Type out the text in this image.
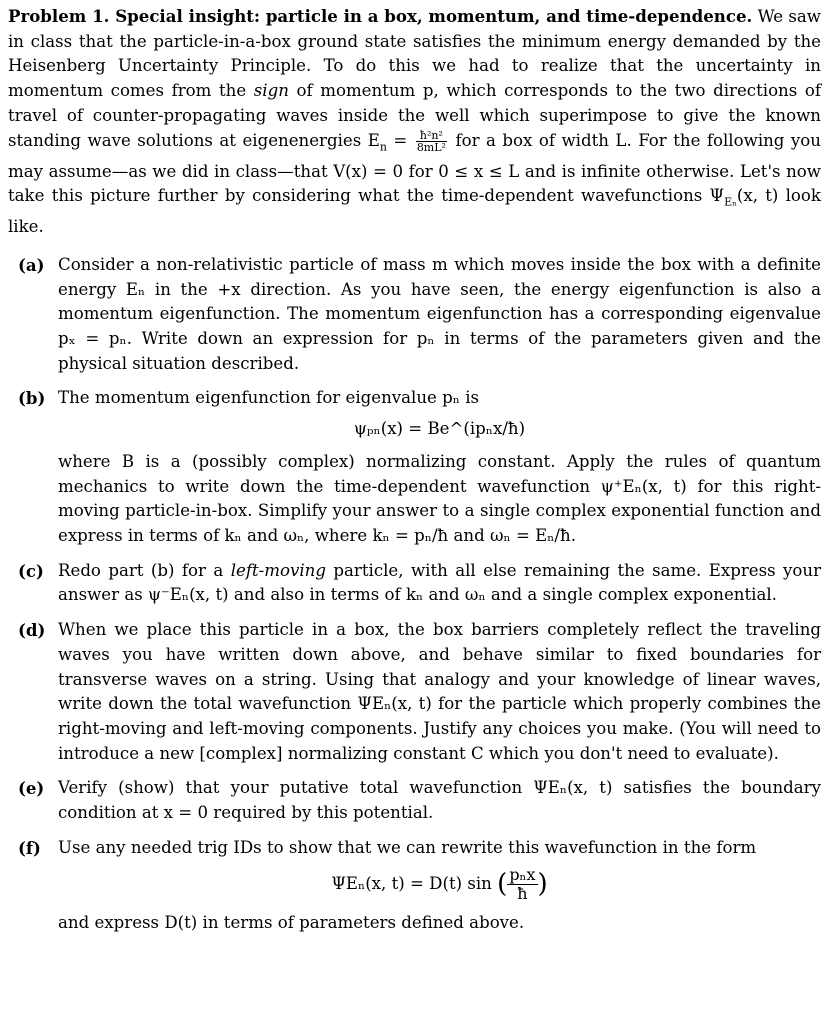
Problem 1. Special insight: particle in a box, momentum, and time-dependence. We saw in class that the particle-in-a-box ground state satisfies the minimum energy demanded by the Heisenberg Uncertainty Principle. To do this we had to realize that the uncertainty in momentum comes from the sign of momentum p, which corresponds to the two directions of travel of counter-propagating waves inside the well which superimpose to give the known standing wave solutions at eigenenergies $E_n = \frac{\text{ħ²n²}}{\text{8mL²}}$ for a box of width L. For the following you may assume—as we did in class—that V(x) = 0 for 0 ≤ x ≤ L and is infinite otherwise. Let's now take this picture further by considering what the time-dependent wavefunctions $\Psi_{E_n}(x$, t) look like.

(a) Consider a non-relativistic particle of mass m which moves inside the box with a definite energy Eₙ in the +x direction. As you have seen, the energy eigenfunction is also a momentum eigenfunction. The momentum eigenfunction has a corresponding eigenvalue pₓ = pₙ. Write down an expression for pₙ in terms of the parameters given and the physical situation described.

(b) The momentum eigenfunction for eigenvalue pₙ is

ψₚₙ(x) = Be^(ipₙx/ħ)

where B is a (possibly complex) normalizing constant. Apply the rules of quantum mechanics to write down the time-dependent wavefunction ψ⁺Eₙ(x, t) for this right-moving particle-in-box. Simplify your answer to a single complex exponential function and express in terms of kₙ and ωₙ, where kₙ = pₙ/ħ and ωₙ = Eₙ/ħ.

(c) Redo part (b) for a left-moving particle, with all else remaining the same. Express your answer as ψ⁻Eₙ(x, t) and also in terms of kₙ and ωₙ and a single complex exponential.

(d) When we place this particle in a box, the box barriers completely reflect the traveling waves you have written down above, and behave similar to fixed boundaries for transverse waves on a string. Using that analogy and your knowledge of linear waves, write down the total wavefunction ΨEₙ(x, t) for the particle which properly combines the right-moving and left-moving components. Justify any choices you make. (You will need to introduce a new [complex] normalizing constant C which you don't need to evaluate).

(e) Verify (show) that your putative total wavefunction ΨEₙ(x, t) satisfies the boundary condition at x = 0 required by this potential.

(f)	Use any needed trig IDs to show that we can rewrite this wavefunction in the form

ΨEₙ(x, t) = D(t) sin ( $\frac{\text{pₙx}}{ħ}$ )

and express D(t) in terms of parameters defined above.
